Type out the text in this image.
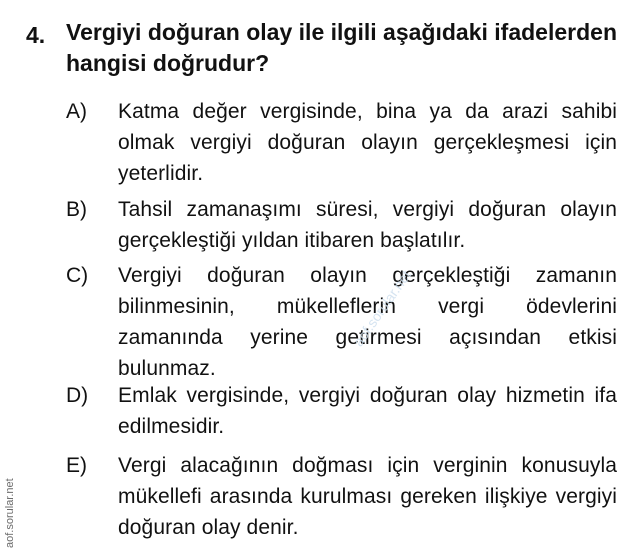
4. Vergiyi doğuran olay ile ilgili aşağıdaki ifadelerden hangisi doğrudur?
A) Katma değer vergisinde, bina ya da arazi sahibi olmak vergiyi doğuran olayın gerçekleşmesi için yeterlidir.
B) Tahsil zamanaşımı süresi, vergiyi doğuran olayın gerçekleştiği yıldan itibaren başlatılır.
C) Vergiyi doğuran olayın gerçekleştiği zamanın bilinmesinin, mükelleflerin vergi ödevlerini zamanında yerine getirmesi açısından etkisi bulunmaz.
D) Emlak vergisinde, vergiyi doğuran olay hizmetin ifa edilmesidir.
E) Vergi alacağının doğması için verginin konusuyla mükellefi arasında kurulması gereken ilişkiye vergiyi doğuran olay denir.
aof.sorular.net
aof.sorular.net
